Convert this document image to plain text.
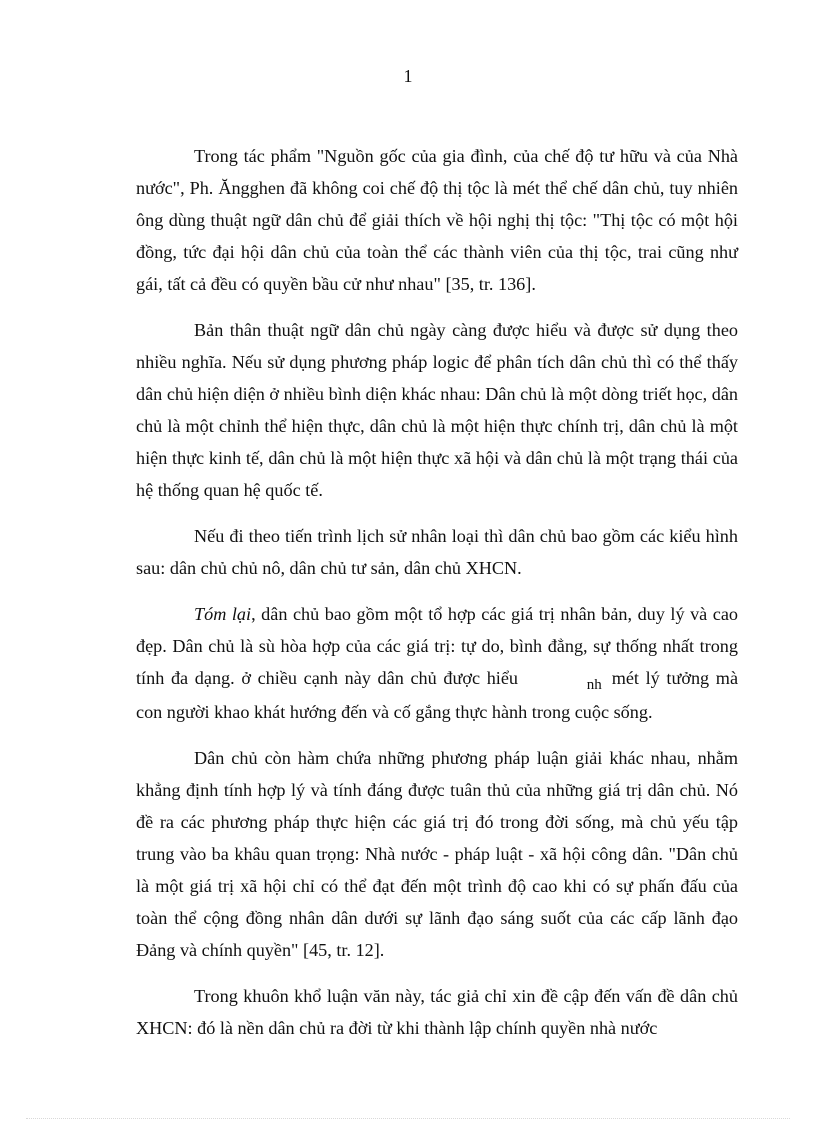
1

Trong tác phẩm "Nguồn gốc của gia đình, của chế độ tư hữu và của Nhà nước", Ph. Ăngghen đã không coi chế độ thị tộc là mét thể chế dân chủ, tuy nhiên ông dùng thuật ngữ dân chủ để giải thích về hội nghị thị tộc: "Thị tộc có một hội đồng, tức đại hội dân chủ của toàn thể các thành viên của thị tộc, trai cũng như gái, tất cả đều có quyền bầu cử như nhau" [35, tr. 136].

Bản thân thuật ngữ dân chủ ngày càng được hiểu và được sử dụng theo nhiều nghĩa. Nếu sử dụng phương pháp logic để phân tích dân chủ thì có thể thấy dân chủ hiện diện ở nhiều bình diện khác nhau: Dân chủ là một dòng triết học, dân chủ là một chỉnh thể hiện thực, dân chủ là một hiện thực chính trị, dân chủ là một hiện thực kinh tế, dân chủ là một hiện thực xã hội và dân chủ là một trạng thái của hệ thống quan hệ quốc tế.

Nếu đi theo tiến trình lịch sử nhân loại thì dân chủ bao gồm các kiểu hình sau: dân chủ chủ nô, dân chủ tư sản, dân chủ XHCN.

Tóm lại, dân chủ bao gồm một tổ hợp các giá trị nhân bản, duy lý và cao đẹp. Dân chủ là sù hòa hợp của các giá trị: tự do, bình đẳng, sự thống nhất trong tính đa dạng. ở chiều cạnh này dân chủ được hiểu	nh mét lý tưởng mà con người khao khát hướng đến và cố gắng thực hành trong cuộc sống.

Dân chủ còn hàm chứa những phương pháp luận giải khác nhau, nhằm khẳng định tính hợp lý và tính đáng được tuân thủ của những giá trị dân chủ. Nó đề ra các phương pháp thực hiện các giá trị đó trong đời sống, mà chủ yếu tập trung vào ba khâu quan trọng: Nhà nước - pháp luật - xã hội công dân. "Dân chủ là một giá trị xã hội chỉ có thể đạt đến một trình độ cao khi có sự phấn đấu của toàn thể cộng đồng nhân dân dưới sự lãnh đạo sáng suốt của các cấp lãnh đạo Đảng và chính quyền" [45, tr. 12].

Trong khuôn khổ luận văn này, tác giả chỉ xin đề cập đến vấn đề dân chủ XHCN: đó là nền dân chủ ra đời từ khi thành lập chính quyền nhà nước
